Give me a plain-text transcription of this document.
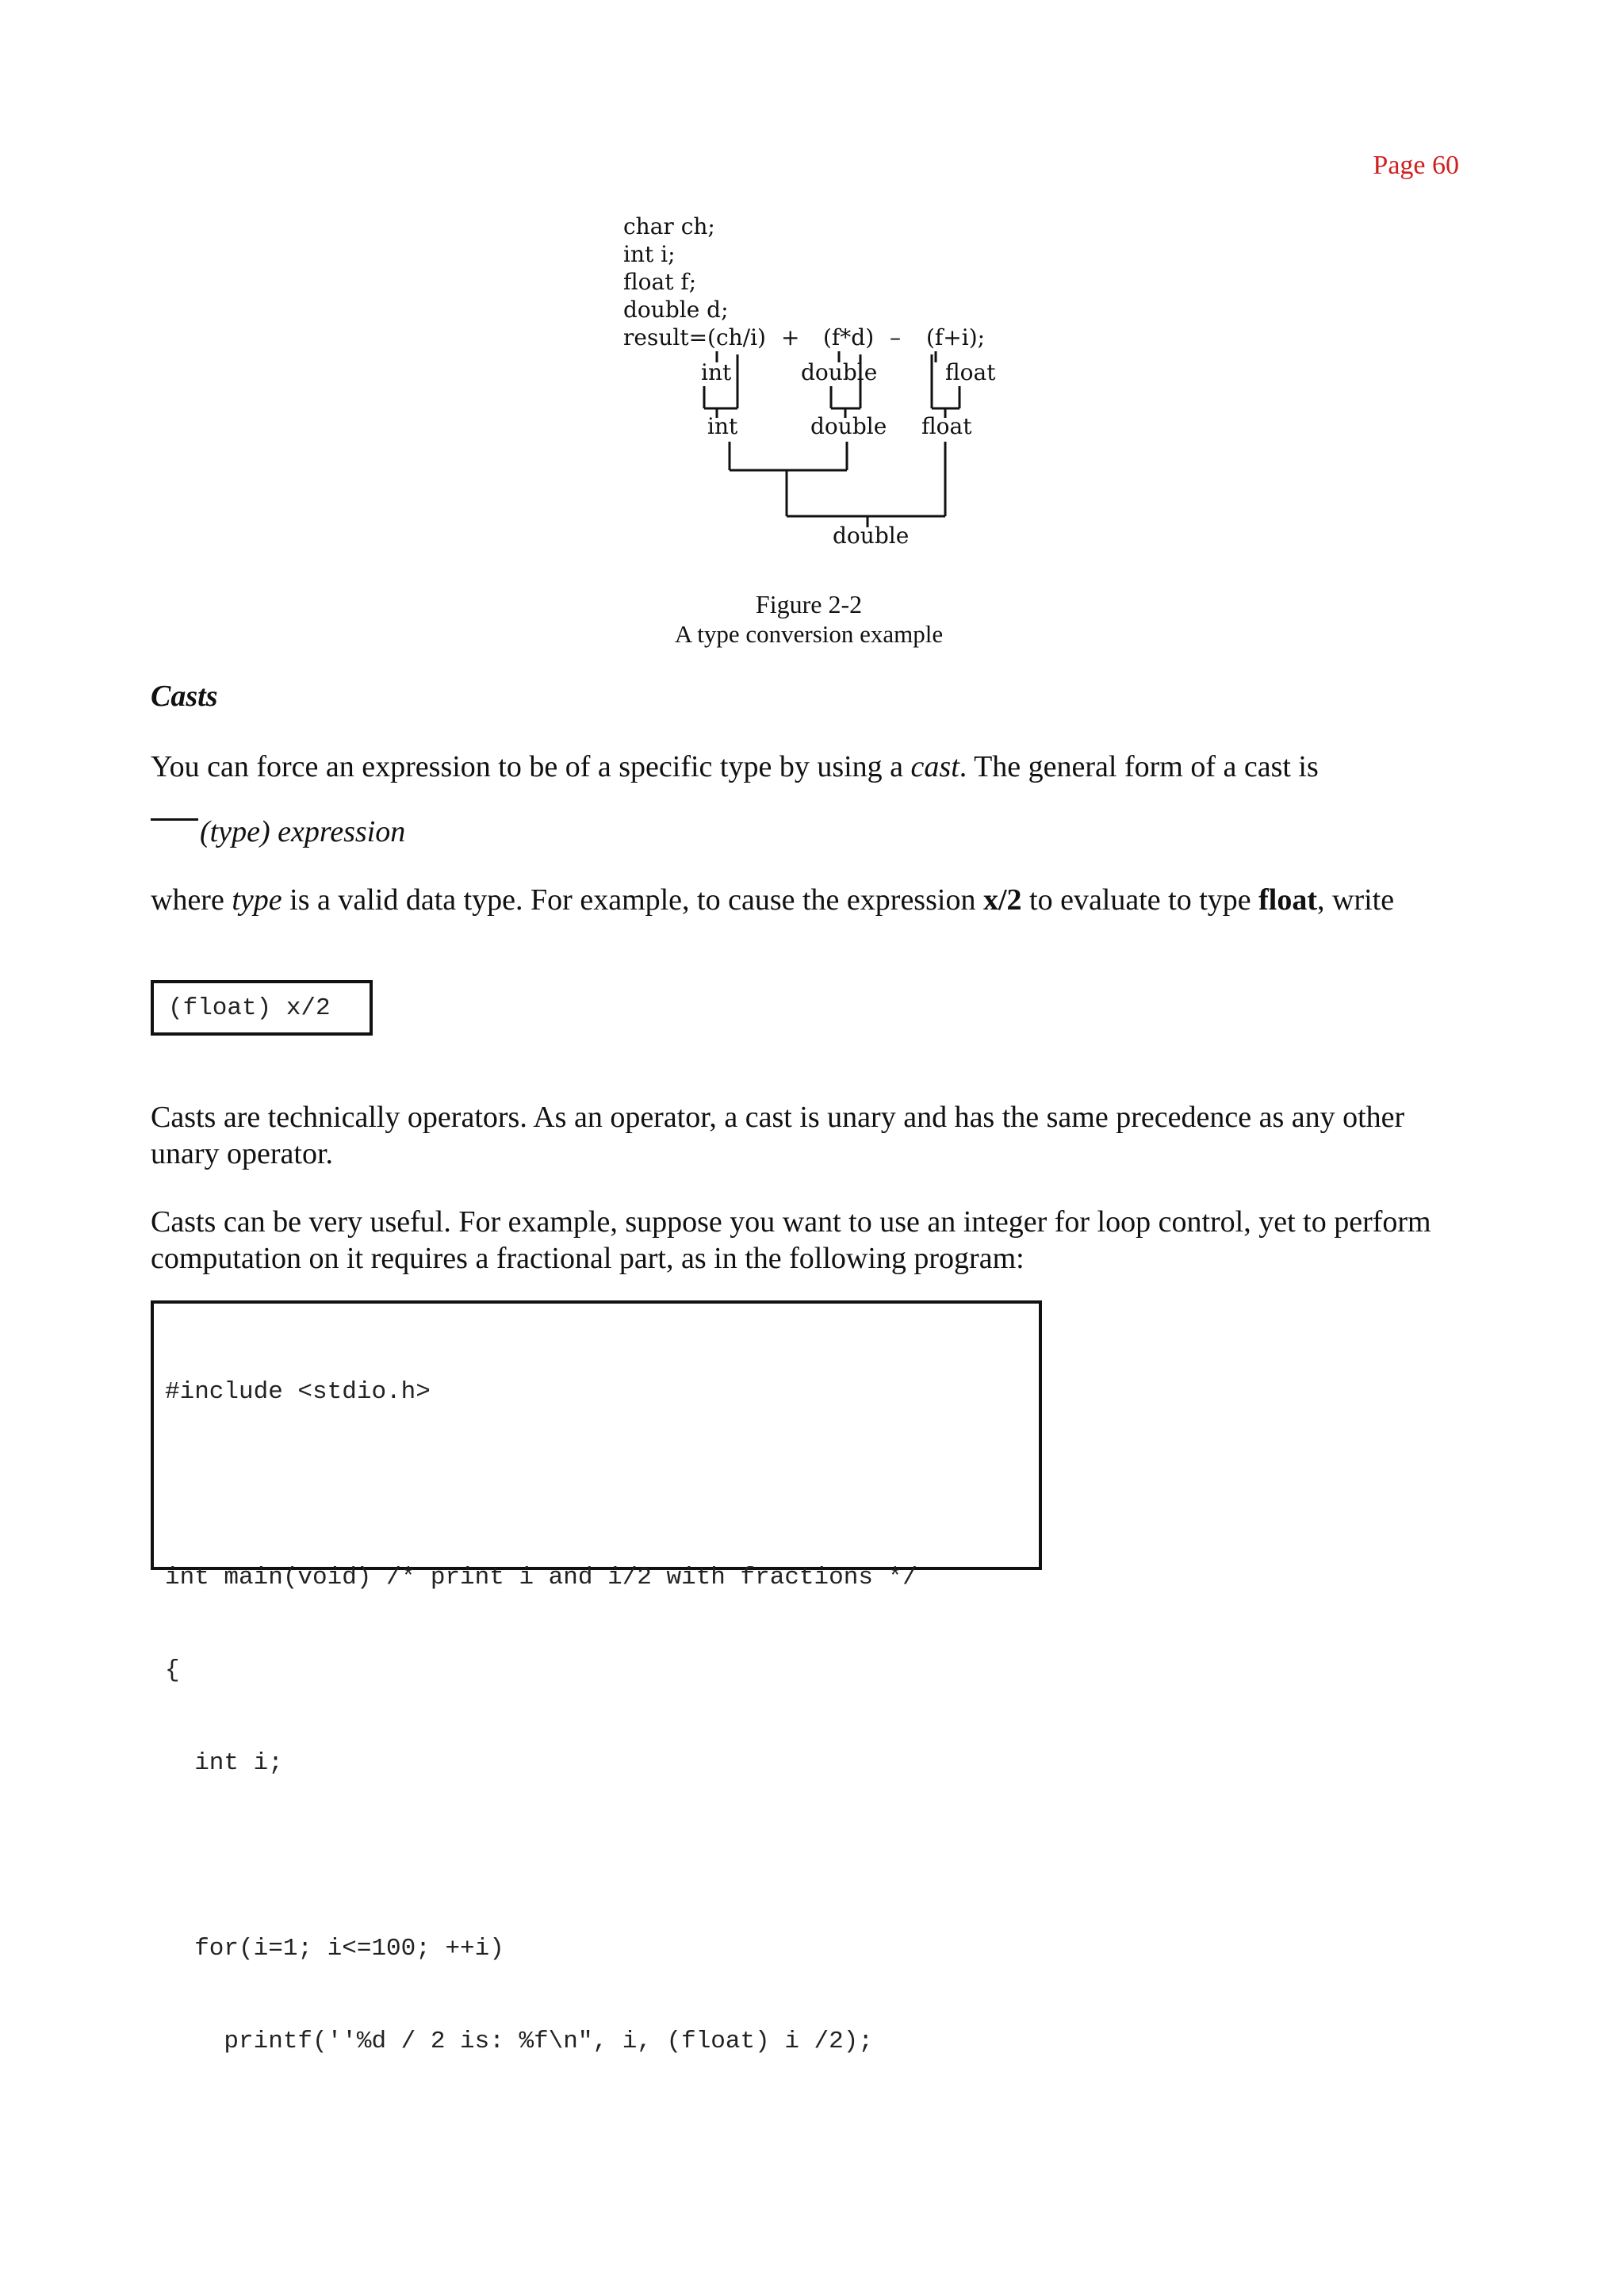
Page 60
char ch;
int i;
float f;
double d;
result=(ch/i) + (f*d) – (f+i);
int	double	float
int	double float
double
Figure 2-2
A type conversion example
Casts
You can force an expression to be of a specific type by using a cast. The general form of a cast is
(type) expression
where type is a valid data type. For example, to cause the expression x/2 to evaluate to type float, write
(float) x/2
Casts are technically operators. As an operator, a cast is unary and has the same precedence as any other unary operator.
Casts can be very useful. For example, suppose you want to use an integer for loop control, yet to perform computation on it requires a fractional part, as in the following program:

#include <stdio.h>

int main(void) /* print i and i/2 with fractions */

{

int i;

for(i=1; i<=100; ++i)

printf(''%d / 2 is: %f\n", i, (float) i /2);
